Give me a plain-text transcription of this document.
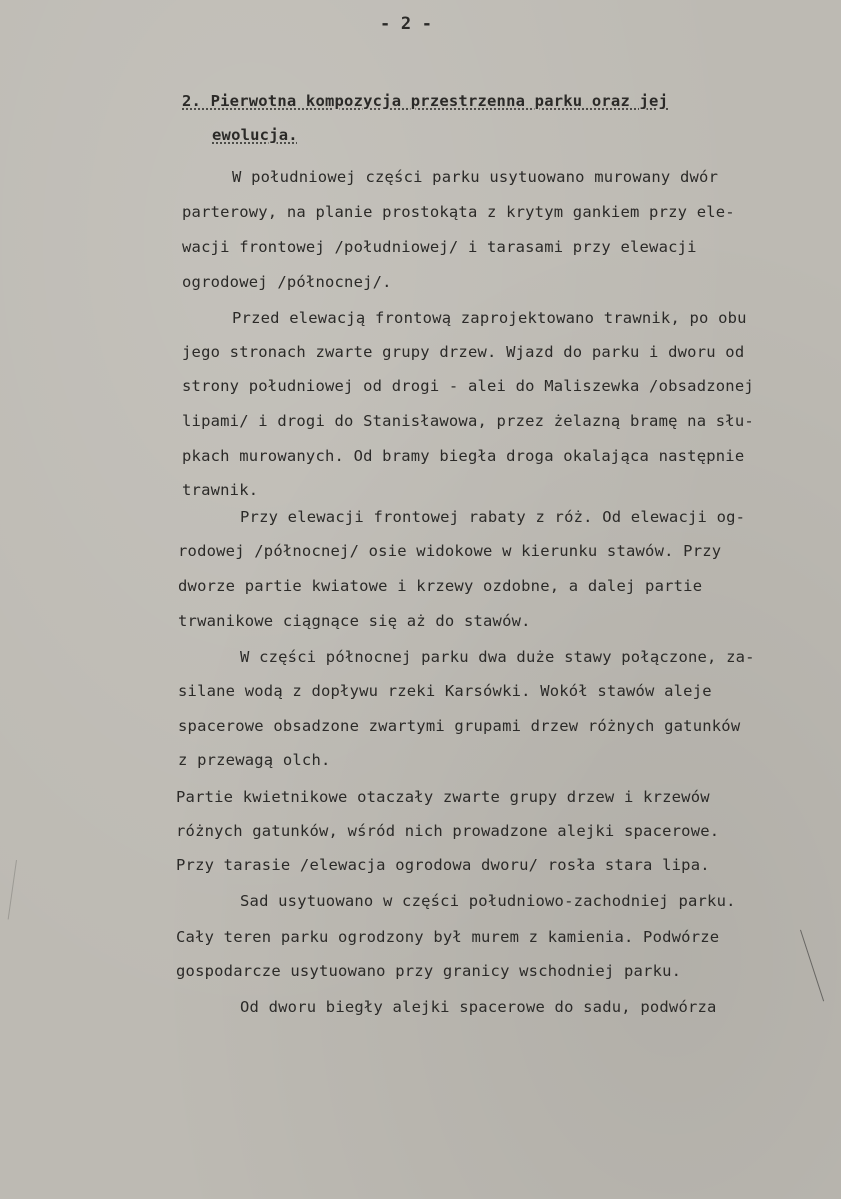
- 2 -
2. Pierwotna kompozycja przestrzenna parku oraz jej
ewolucja.
W południowej części parku usytuowano murowany dwór
parterowy, na planie prostokąta z krytym gankiem przy ele-
wacji frontowej /południowej/ i tarasami przy elewacji
ogrodowej /północnej/.
Przed elewacją frontową zaprojektowano trawnik, po obu
jego stronach zwarte grupy drzew. Wjazd do parku i dworu od
strony południowej od drogi - alei do Maliszewka /obsadzonej
lipami/ i drogi do Stanisławowa, przez żelazną bramę na słu-
pkach murowanych. Od bramy biegła droga okalająca następnie
trawnik.
Przy elewacji frontowej rabaty z róż. Od elewacji og-
rodowej /północnej/ osie widokowe w kierunku stawów. Przy
dworze partie kwiatowe i krzewy ozdobne, a dalej partie
trwanikowe ciągnące się aż do stawów.
W części północnej parku dwa duże stawy połączone, za-
silane wodą z dopływu rzeki Karsówki. Wokół stawów aleje
spacerowe obsadzone zwartymi grupami drzew różnych gatunków
z przewagą olch.
Partie kwietnikowe otaczały zwarte grupy drzew i krzewów
różnych gatunków, wśród nich prowadzone alejki spacerowe.
Przy tarasie /elewacja ogrodowa dworu/ rosła stara lipa.
Sad usytuowano w części południowo-zachodniej parku.
Cały teren parku ogrodzony był murem z kamienia. Podwórze
gospodarcze usytuowano przy granicy wschodniej parku.
Od dworu biegły alejki spacerowe do sadu, podwórza
